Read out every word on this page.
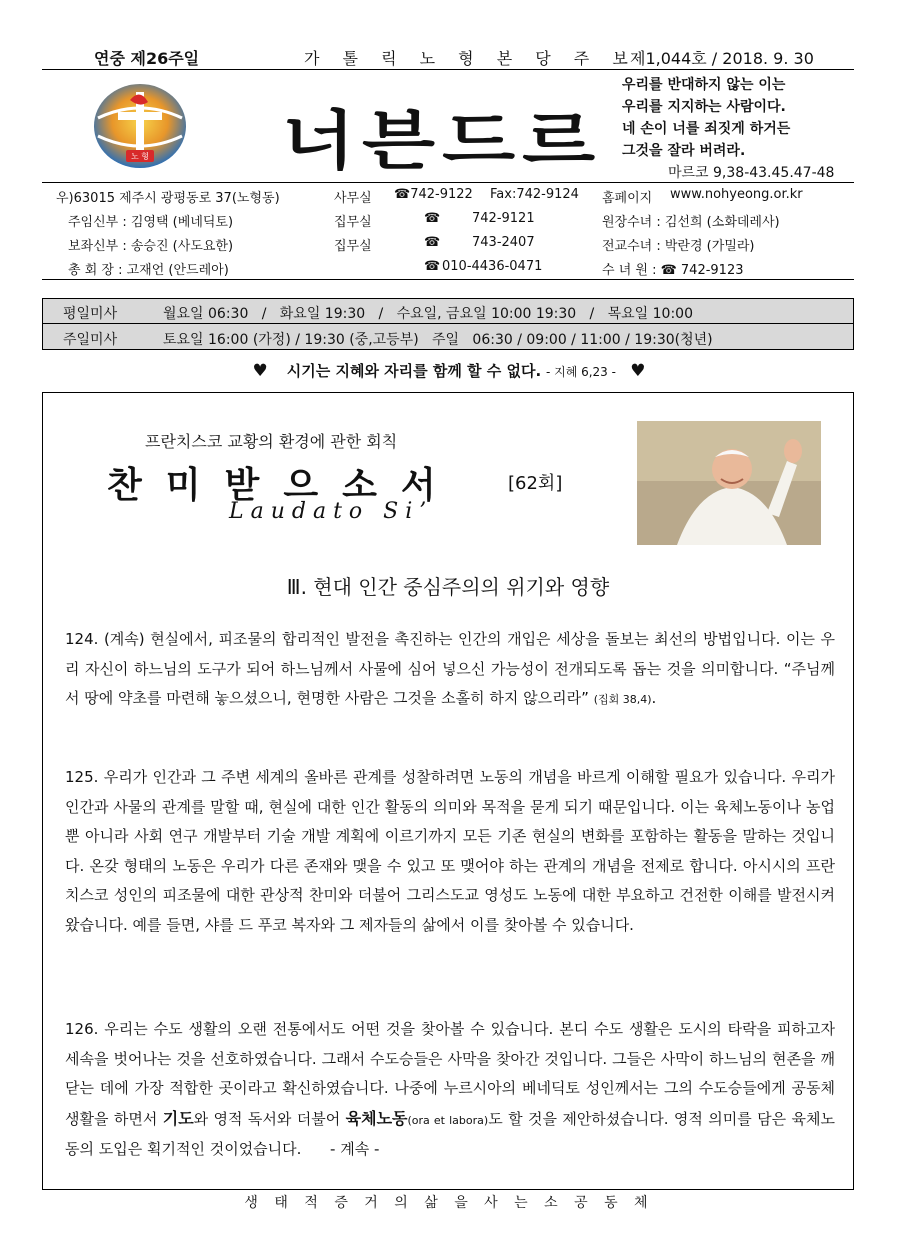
연중 제26주일	가 톨 릭 노 형 본 당 주 보
제1,044호 / 2018. 9. 30
노 형 너븐드르
우리를 반대하지 않는 이는
우리를 지지하는 사람이다.
네 손이 너를 죄짓게 하거든
그것을 잘라 버려라.
마르코 9,38-43.45.47-48
우)63015 제주시 광평동로 37(노형동)	사무실 ☎742-9122 Fax:742-9124 홈페이지 www.nohyeong.or.kr
주임신부 : 김영택 (베네딕토)	집무실	☎ 742-9121	원장수녀 : 김선희 (소화데레사)
보좌신부 : 송승진 (사도요한)	집무실	☎ 743-2407	전교수녀 : 박란경 (가밀라)
총 회 장 : 고재언 (안드레아)	☎ 010-4436-0471	수 녀 원 : ☎ 742-9123
평일미사	월요일 06:30   /   화요일 19:30   /   수요일, 금요일 10:00 19:30   /   목요일 10:00
주일미사	토요일 16:00 (가정) / 19:30 (중,고등부)   주일   06:30 / 09:00 / 11:00 / 19:30(청년)
♥ 시기는 지혜와 자리를 함께 할 수 없다. - 지혜 6,23 - ♥
프란치스코 교황의 환경에 관한 회칙
찬미받으소서	[62회]
Laudato Si’
Ⅲ. 현대 인간 중심주의의 위기와 영향
124. (계속) 현실에서, 피조물의 합리적인 발전을 촉진하는 인간의 개입은 세상을 돌보는 최선의 방법입니다. 이는 우리 자신이 하느님의 도구가 되어 하느님께서 사물에 심어 넣으신 가능성이 전개되도록 돕는 것을 의미합니다. “주님께서 땅에 약초를 마련해 놓으셨으니, 현명한 사람은 그것을 소홀히 하지 않으리라” (집회 38,4).
125. 우리가 인간과 그 주변 세계의 올바른 관계를 성찰하려면 노동의 개념을 바르게 이해할 필요가 있습니다. 우리가 인간과 사물의 관계를 말할 때, 현실에 대한 인간 활동의 의미와 목적을 묻게 되기 때문입니다. 이는 육체노동이나 농업뿐 아니라 사회 연구 개발부터 기술 개발 계획에 이르기까지 모든 기존 현실의 변화를 포함하는 활동을 말하는 것입니다. 온갖 형태의 노동은 우리가 다른 존재와 맺을 수 있고 또 맺어야 하는 관계의 개념을 전제로 합니다. 아시시의 프란치스코 성인의 피조물에 대한 관상적 찬미와 더불어 그리스도교 영성도 노동에 대한 부요하고 건전한 이해를 발전시켜 왔습니다. 예를 들면, 샤를 드 푸코 복자와 그 제자들의 삶에서 이를 찾아볼 수 있습니다.
126. 우리는 수도 생활의 오랜 전통에서도 어떤 것을 찾아볼 수 있습니다. 본디 수도 생활은 도시의 타락을 피하고자 세속을 벗어나는 것을 선호하였습니다. 그래서 수도승들은 사막을 찾아간 것입니다. 그들은 사막이 하느님의 현존을 깨닫는 데에 가장 적합한 곳이라고 확신하였습니다. 나중에 누르시아의 베네딕토 성인께서는 그의 수도승들에게 공동체 생활을 하면서 기도와 영적 독서와 더불어 육체노동(ora et labora)도 할 것을 제안하셨습니다. 영적 의미를 담은 육체노동의 도입은 획기적인 것이었습니다. - 계속 -
생 태 적 증 거 의 삶 을 사 는 소 공 동 체
